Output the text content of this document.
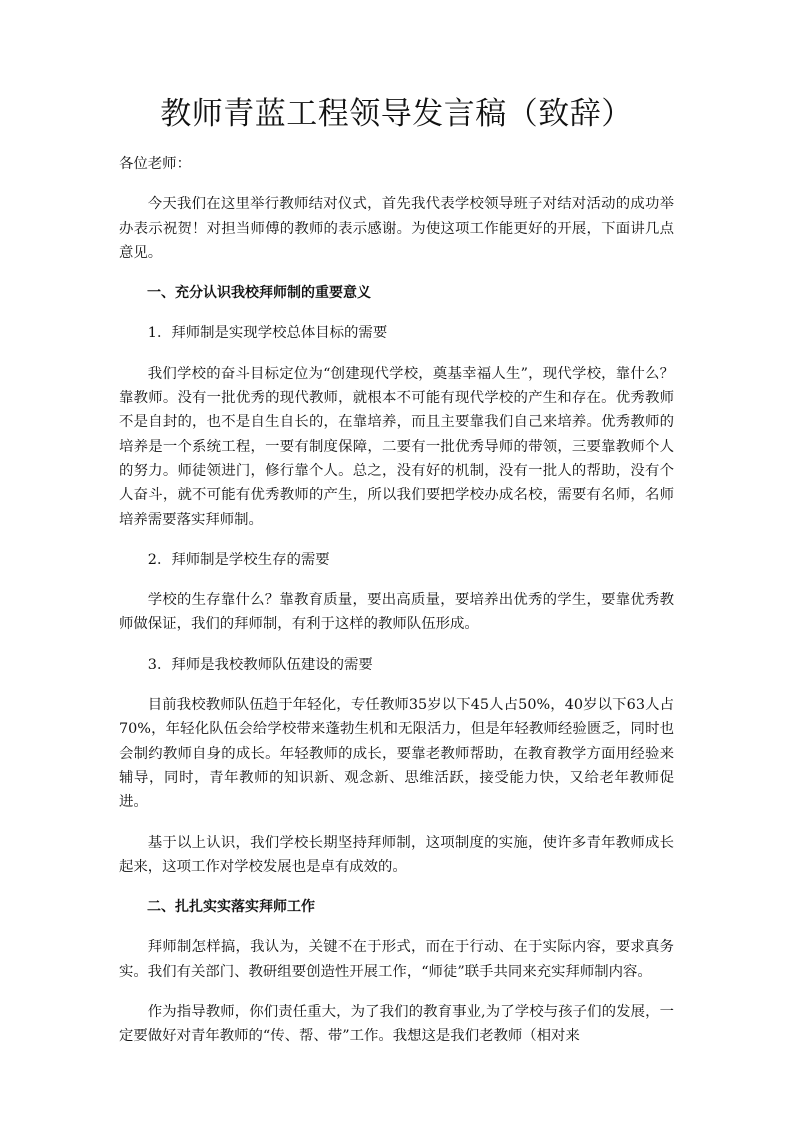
教师青蓝工程领导发言稿（致辞）

各位老师：

今天我们在这里举行教师结对仪式，首先我代表学校领导班子对结对活动的成功举办表示祝贺！对担当师傅的教师的表示感谢。为使这项工作能更好的开展，下面讲几点意见。

一、充分认识我校拜师制的重要意义

1．拜师制是实现学校总体目标的需要

我们学校的奋斗目标定位为“创建现代学校，奠基幸福人生”，现代学校，靠什么？靠教师。没有一批优秀的现代教师，就根本不可能有现代学校的产生和存在。优秀教师不是自封的，也不是自生自长的，在靠培养，而且主要靠我们自己来培养。优秀教师的培养是一个系统工程，一要有制度保障，二要有一批优秀导师的带领，三要靠教师个人的努力。师徒领进门，修行靠个人。总之，没有好的机制，没有一批人的帮助，没有个人奋斗，就不可能有优秀教师的产生，所以我们要把学校办成名校，需要有名师，名师培养需要落实拜师制。

2．拜师制是学校生存的需要

学校的生存靠什么？靠教育质量，要出高质量，要培养出优秀的学生，要靠优秀教师做保证，我们的拜师制，有利于这样的教师队伍形成。

3．拜师是我校教师队伍建设的需要

目前我校教师队伍趋于年轻化，专任教师35岁以下45人占50%，40岁以下63人占70%，年轻化队伍会给学校带来蓬勃生机和无限活力，但是年轻教师经验匮乏，同时也会制约教师自身的成长。年轻教师的成长，要靠老教师帮助，在教育教学方面用经验来辅导，同时，青年教师的知识新、观念新、思维活跃，接受能力快，又给老年教师促进。

基于以上认识，我们学校长期坚持拜师制，这项制度的实施，使许多青年教师成长起来，这项工作对学校发展也是卓有成效的。

二、扎扎实实落实拜师工作

拜师制怎样搞，我认为，关键不在于形式，而在于行动、在于实际内容，要求真务实。我们有关部门、教研组要创造性开展工作，“师徒”联手共同来充实拜师制内容。

作为指导教师，你们责任重大，为了我们的教育事业,为了学校与孩子们的发展，一定要做好对青年教师的“传、帮、带”工作。我想这是我们老教师（相对来
